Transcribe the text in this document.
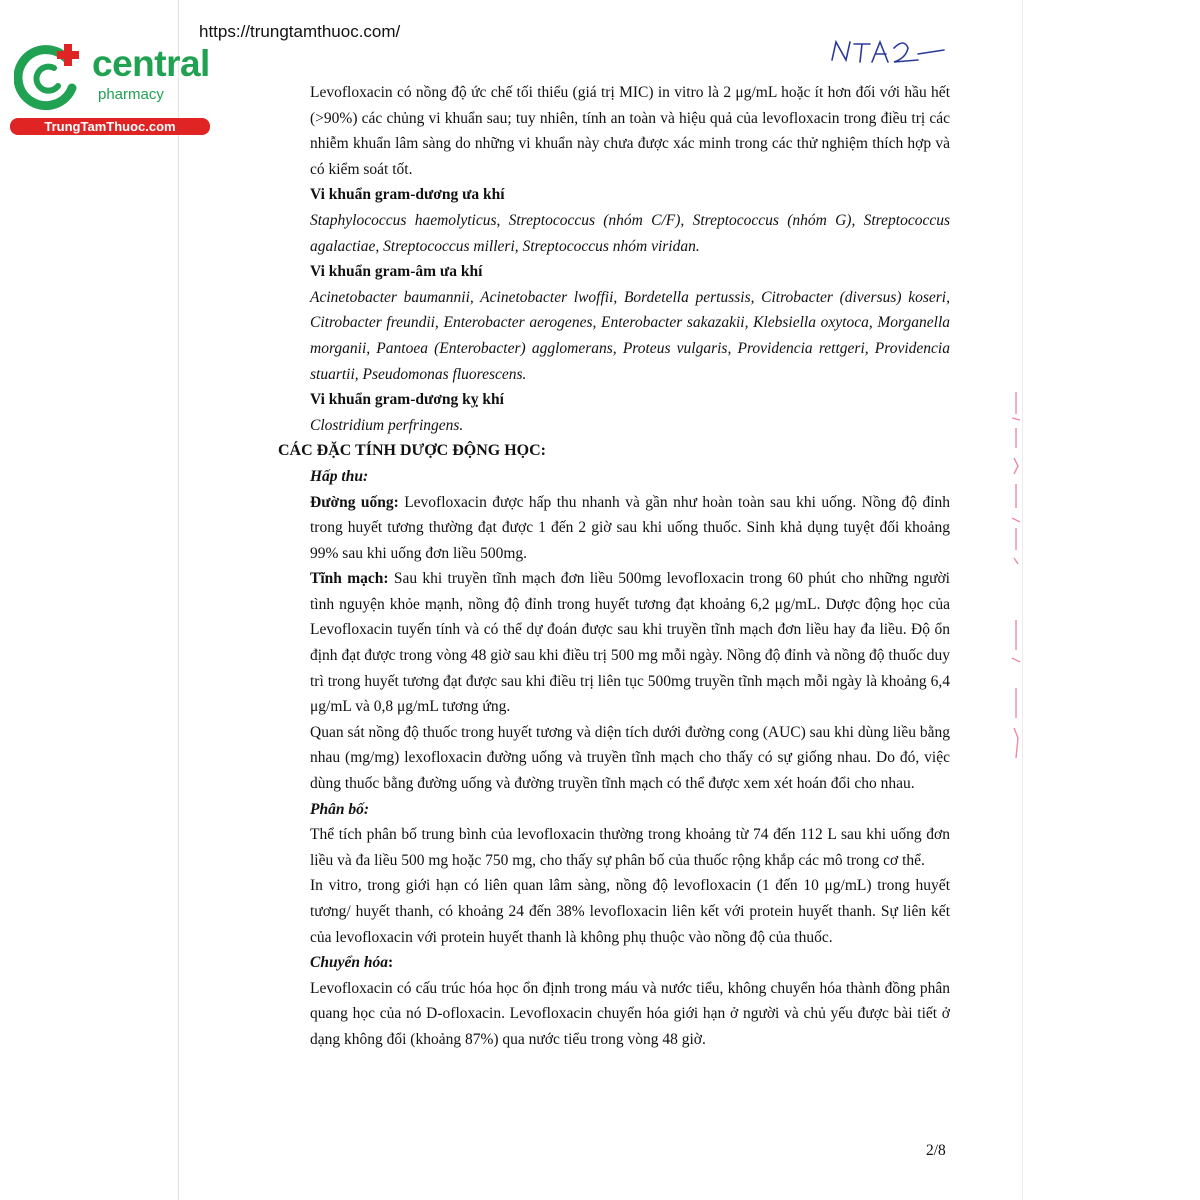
central
pharmacy
TrungTamThuoc.com
https://trungtamthuoc.com/

Levofloxacin có nồng độ ức chế tối thiểu (giá trị MIC) in vitro là 2 μg/mL hoặc ít hơn đối với hầu hết (>90%) các chủng vi khuẩn sau; tuy nhiên, tính an toàn và hiệu quả của levofloxacin trong điều trị các nhiễm khuẩn lâm sàng do những vi khuẩn này chưa được xác minh trong các thử nghiệm thích hợp và có kiểm soát tốt.

Vi khuẩn gram-dương ưa khí

Staphylococcus haemolyticus, Streptococcus (nhóm C/F), Streptococcus (nhóm G), Streptococcus agalactiae, Streptococcus milleri, Streptococcus nhóm viridan.

Vi khuẩn gram-âm ưa khí

Acinetobacter baumannii, Acinetobacter lwoffii, Bordetella pertussis, Citrobacter (diversus) koseri, Citrobacter freundii, Enterobacter aerogenes, Enterobacter sakazakii, Klebsiella oxytoca, Morganella morganii, Pantoea (Enterobacter) agglomerans, Proteus vulgaris, Providencia rettgeri, Providencia stuartii, Pseudomonas fluorescens.

Vi khuẩn gram-dương kỵ khí

Clostridium perfringens.

CÁC ĐẶC TÍNH DƯỢC ĐỘNG HỌC:

Hấp thu:

Đường uống: Levofloxacin được hấp thu nhanh và gần như hoàn toàn sau khi uống. Nồng độ đỉnh trong huyết tương thường đạt được 1 đến 2 giờ sau khi uống thuốc. Sinh khả dụng tuyệt đối khoảng 99% sau khi uống đơn liều 500mg.

Tĩnh mạch: Sau khi truyền tĩnh mạch đơn liều 500mg levofloxacin trong 60 phút cho những người tình nguyện khỏe mạnh, nồng độ đỉnh trong huyết tương đạt khoảng 6,2 μg/mL. Dược động học của Levofloxacin tuyến tính và có thể dự đoán được sau khi truyền tĩnh mạch đơn liều hay đa liều. Độ ổn định đạt được trong vòng 48 giờ sau khi điều trị 500 mg mỗi ngày. Nồng độ đỉnh và nồng độ thuốc duy trì trong huyết tương đạt được sau khi điều trị liên tục 500mg truyền tĩnh mạch mỗi ngày là khoảng 6,4 μg/mL và 0,8 μg/mL tương ứng.

Quan sát nồng độ thuốc trong huyết tương và diện tích dưới đường cong (AUC) sau khi dùng liều bằng nhau (mg/mg) lexofloxacin đường uống và truyền tĩnh mạch cho thấy có sự giống nhau. Do đó, việc dùng thuốc bằng đường uống và đường truyền tĩnh mạch có thể được xem xét hoán đổi cho nhau.

Phân bố:

Thể tích phân bố trung bình của levofloxacin thường trong khoảng từ 74 đến 112 L sau khi uống đơn liều và đa liều 500 mg hoặc 750 mg, cho thấy sự phân bố của thuốc rộng khắp các mô trong cơ thể.

In vitro, trong giới hạn có liên quan lâm sàng, nồng độ levofloxacin (1 đến 10 μg/mL) trong huyết tương/ huyết thanh, có khoảng 24 đến 38% levofloxacin liên kết với protein huyết thanh. Sự liên kết của levofloxacin với protein huyết thanh là không phụ thuộc vào nồng độ của thuốc.

Chuyển hóa:

Levofloxacin có cấu trúc hóa học ổn định trong máu và nước tiểu, không chuyển hóa thành đồng phân quang học của nó D-ofloxacin. Levofloxacin chuyển hóa giới hạn ở người và chủ yếu được bài tiết ở dạng không đổi (khoảng 87%) qua nước tiểu trong vòng 48 giờ.

2/8
